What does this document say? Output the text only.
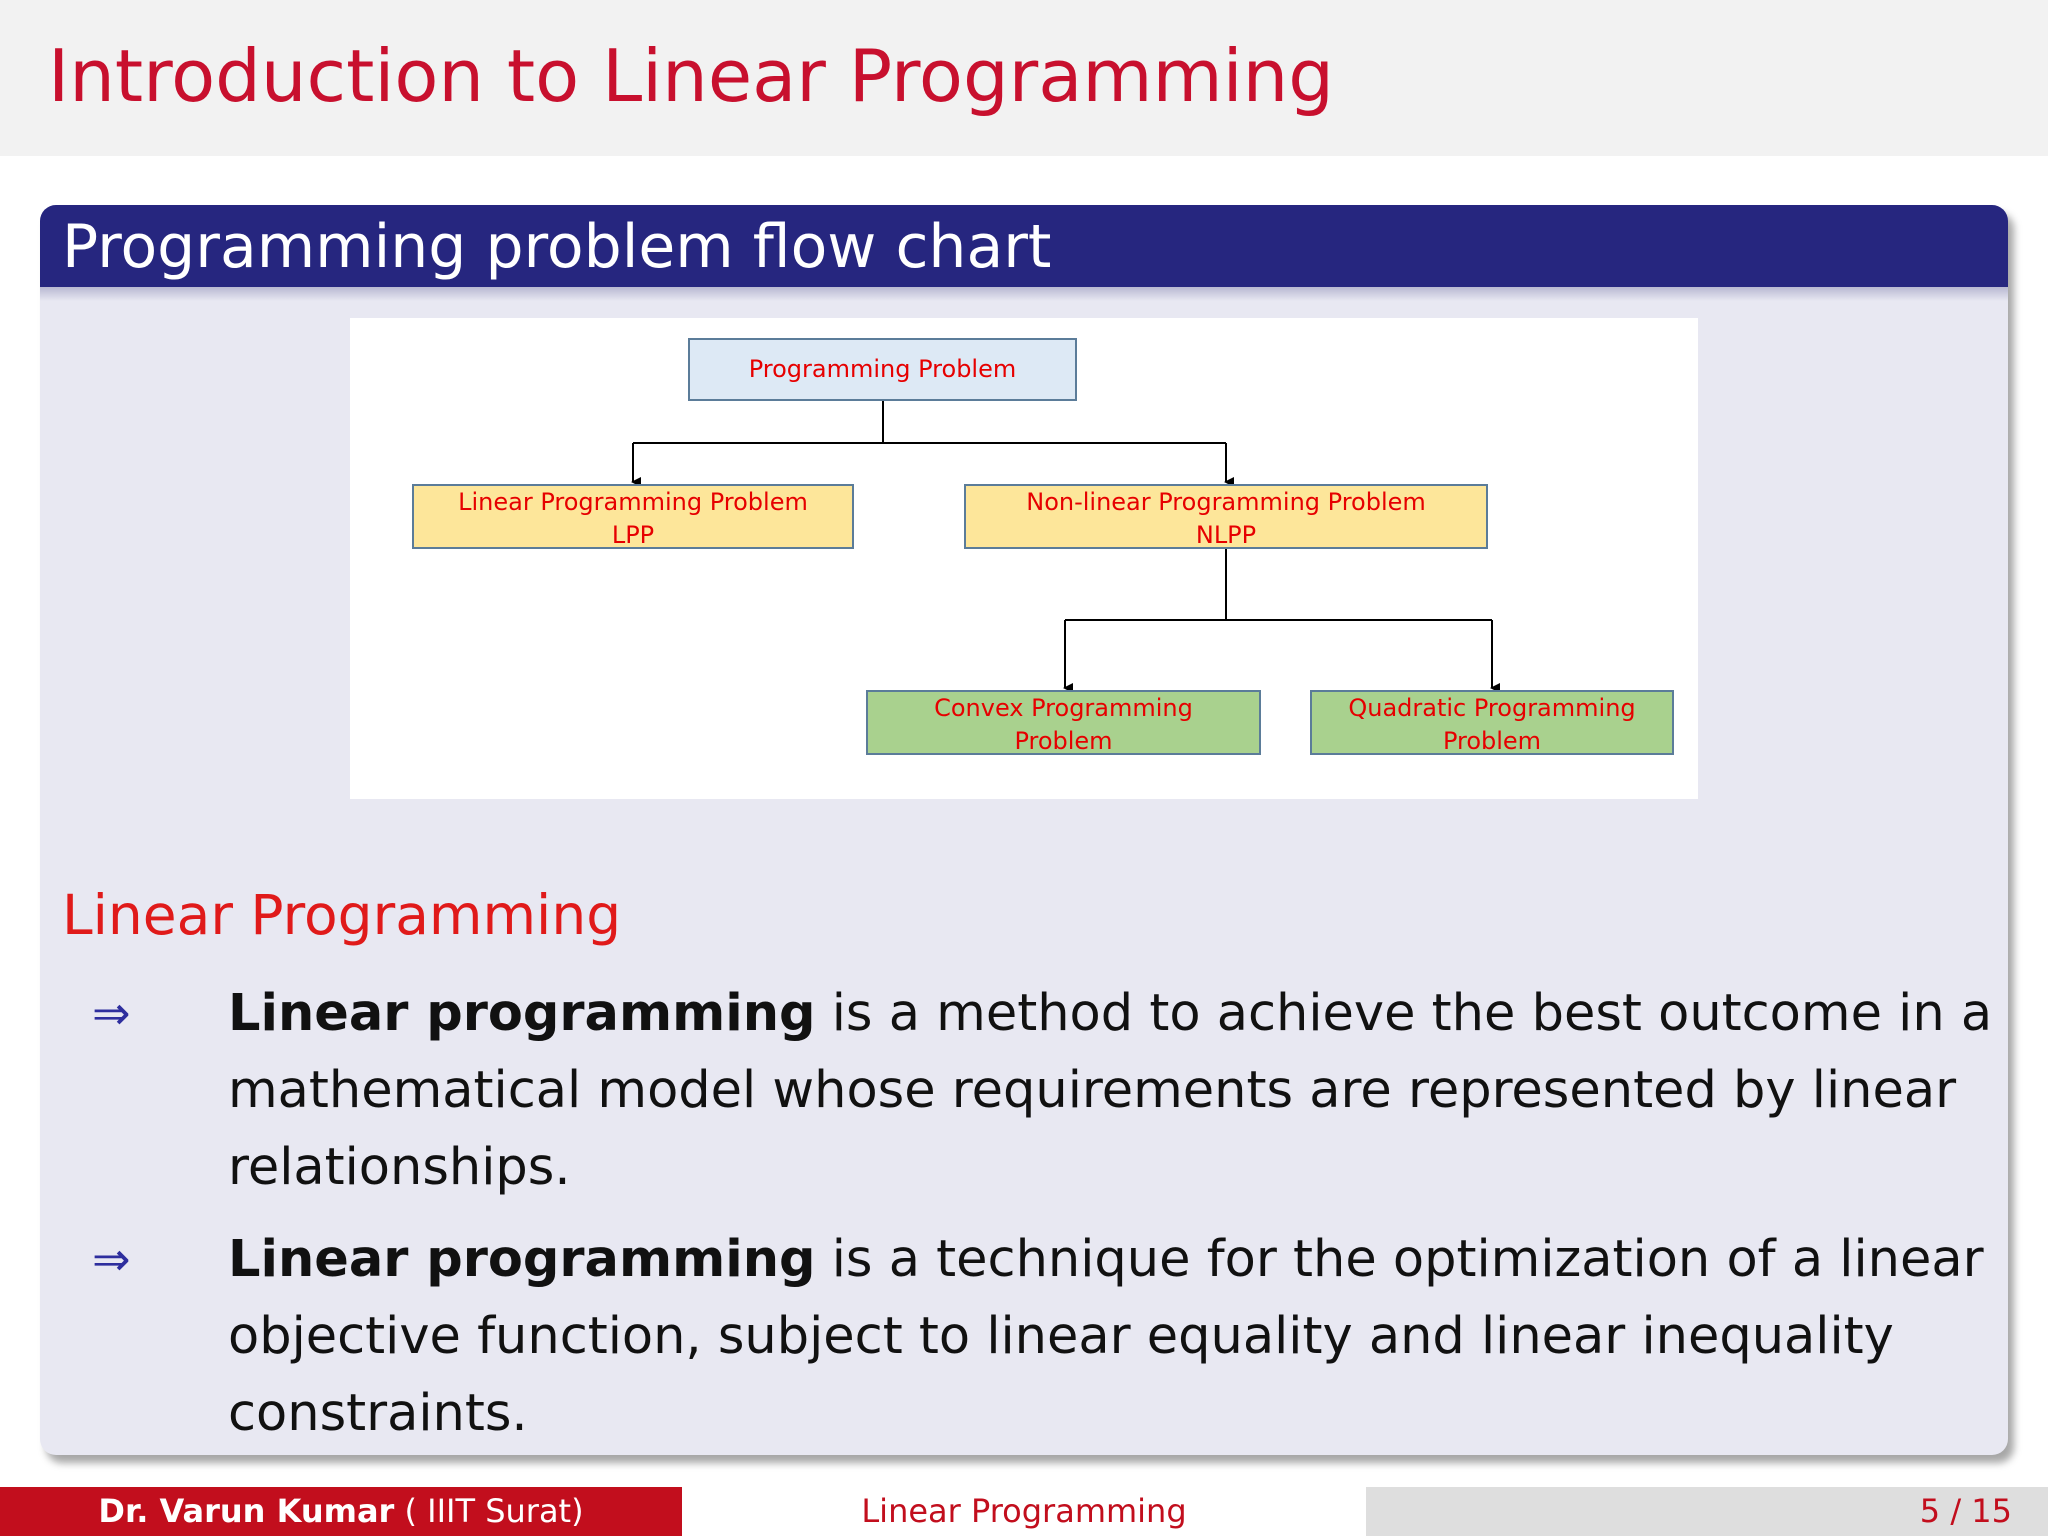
Introduction to Linear Programming
Programming problem flow chart
Programming Problem
Linear Programming Problem
LPP
Non-linear Programming Problem
NLPP
Convex Programming
Problem
Quadratic Programming
Problem
Linear Programming
⇒ Linear programming is a method to achieve the best outcome in a mathematical model whose requirements are represented by linear relationships.

⇒ Linear programming is a technique for the optimization of a linear objective function, subject to linear equality and linear inequality constraints.

Dr. Varun Kumar ( IIIT Surat)	Linear Programming	5 / 15
